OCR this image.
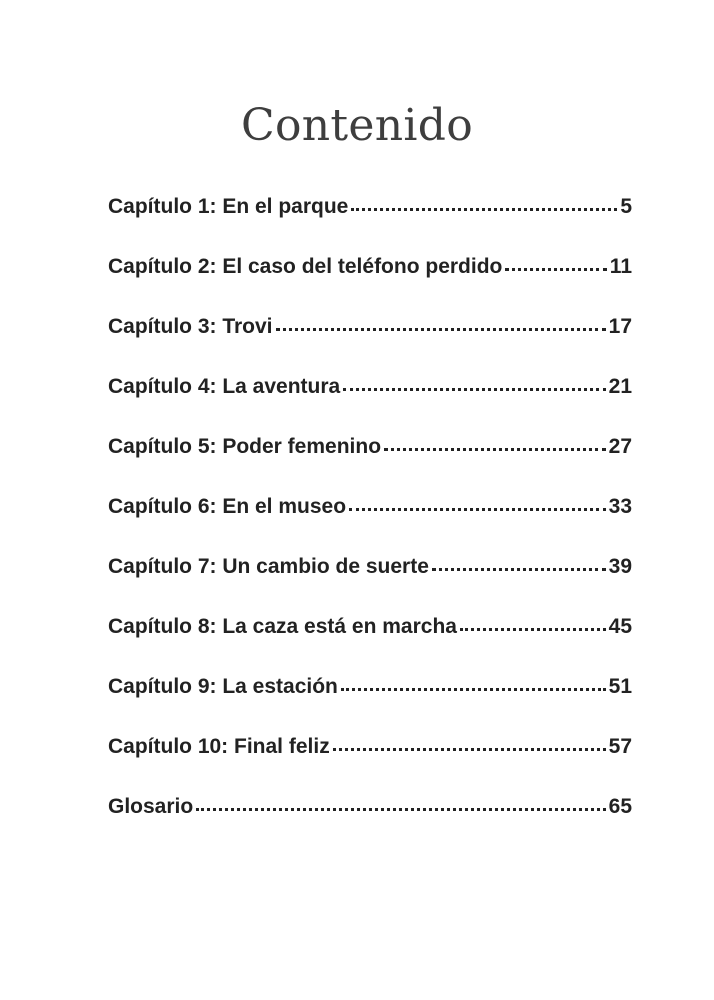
Contenido
Capítulo 1: En el parque	5
Capítulo 2: El caso del teléfono perdido	11
Capítulo 3: Trovi	17
Capítulo 4: La aventura	21
Capítulo 5: Poder femenino	27
Capítulo 6: En el museo	33
Capítulo 7: Un cambio de suerte	39
Capítulo 8: La caza está en marcha	45
Capítulo 9: La estación	51
Capítulo 10: Final feliz	57
Glosario	65
